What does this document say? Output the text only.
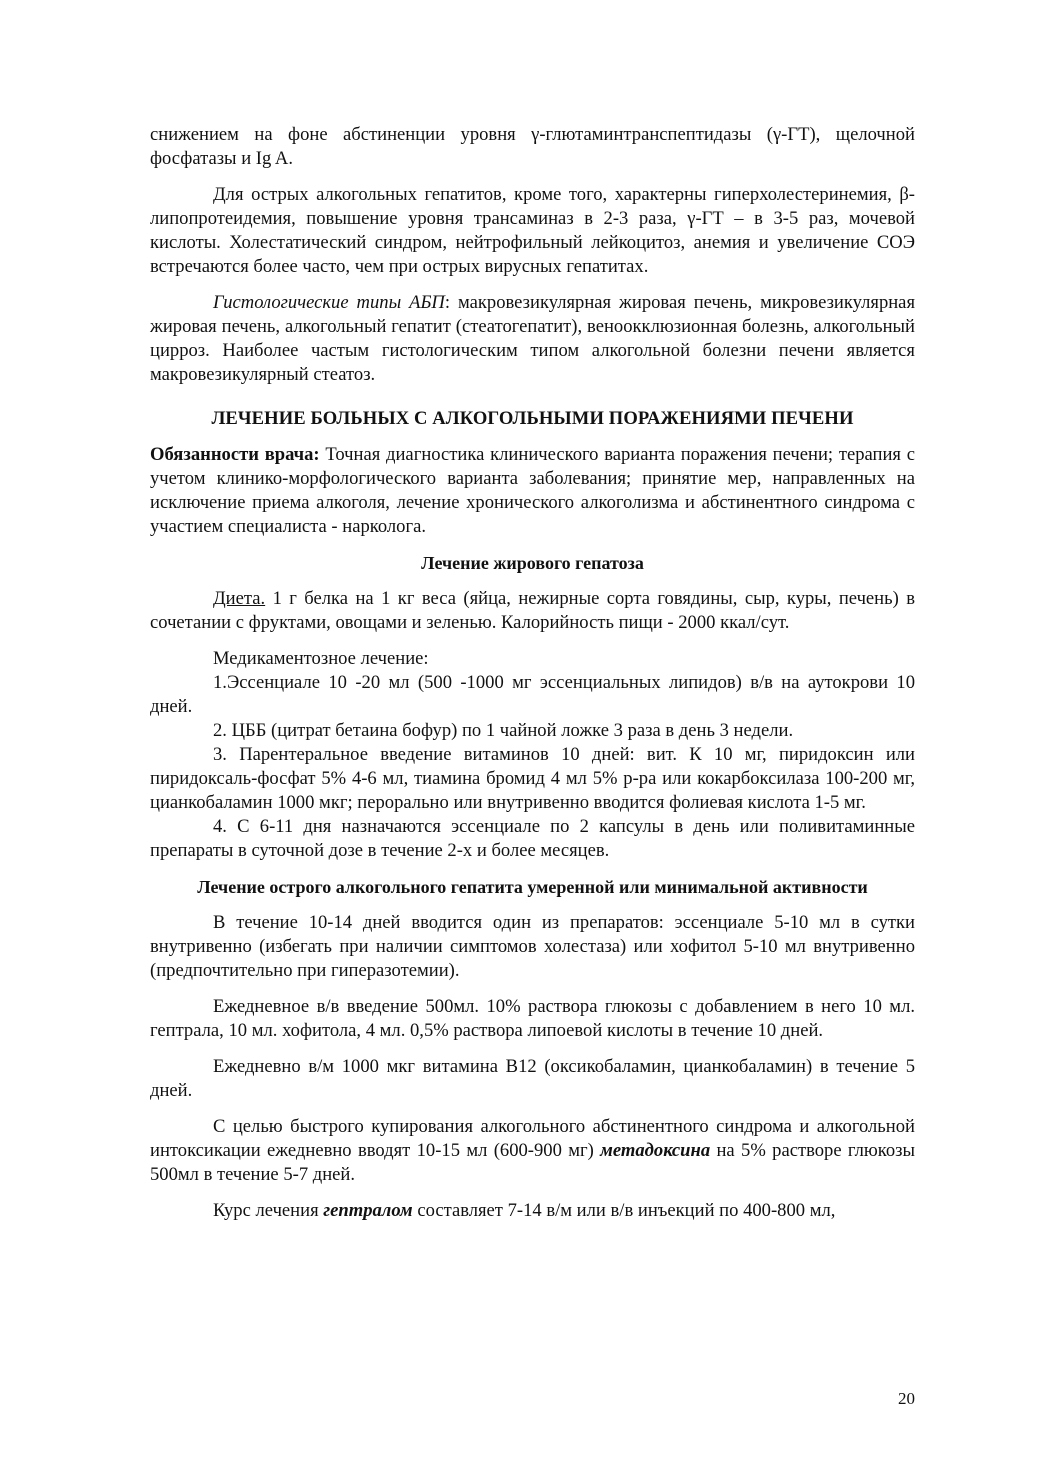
снижением на фоне абстиненции уровня γ-глютаминтранспептидазы (γ-ГТ), щелочной фосфатазы и Ig A.

Для острых алкогольных гепатитов, кроме того, характерны гиперхолестеринемия, β-липопротеидемия, повышение уровня трансаминаз в 2-3 раза, γ-ГТ – в 3-5 раз, мочевой кислоты. Холестатический синдром, нейтрофильный лейкоцитоз, анемия и увеличение СОЭ встречаются более часто, чем при острых вирусных гепатитах.

Гистологические типы АБП: макровезикулярная жировая печень, микровезикулярная жировая печень, алкогольный гепатит (стеатогепатит), веноокклюзионная болезнь, алкогольный цирроз. Наиболее частым гистологическим типом алкогольной болезни печени является макровезикулярный стеатоз.

ЛЕЧЕНИЕ БОЛЬНЫХ С АЛКОГОЛЬНЫМИ ПОРАЖЕНИЯМИ ПЕЧЕНИ

Обязанности врача: Точная диагностика клинического варианта поражения печени; терапия с учетом клинико-морфологического варианта заболевания; принятие мер, направленных на исключение приема алкоголя, лечение хронического алкоголизма и абстинентного синдрома с участием специалиста - нарколога.

Лечение жирового гепатоза

Диета. 1 г белка на 1 кг веса (яйца, нежирные сорта говядины, сыр, куры, печень) в сочетании с фруктами, овощами и зеленью. Калорийность пищи - 2000 ккал/сут.

Медикаментозное лечение:

1.Эссенциале 10 -20 мл (500 -1000 мг эссенциальных липидов) в/в на аутокрови 10 дней.

2. ЦББ (цитрат бетаина бофур) по 1 чайной ложке 3 раза в день 3 недели.

3. Парентеральное введение витаминов 10 дней: вит. К 10 мг, пиридоксин или пиридоксаль-фосфат 5% 4-6 мл, тиамина бромид 4 мл 5% р-ра или кокарбоксилаза 100-200 мг, цианкобаламин 1000 мкг; перорально или внутривенно вводится фолиевая кислота 1-5 мг.

4. С 6-11 дня назначаются эссенциале по 2 капсулы в день или поливитаминные препараты в суточной дозе в течение 2-х и более месяцев.

Лечение острого алкогольного гепатита умеренной или минимальной активности

В течение 10-14 дней вводится один из препаратов: эссенциале 5-10 мл в сутки внутривенно (избегать при наличии симптомов холестаза) или хофитол 5-10 мл внутривенно (предпочтительно при гиперазотемии).

Ежедневное в/в введение 500мл. 10% раствора глюкозы с добавлением в него 10 мл. гептрала, 10 мл. хофитола, 4 мл. 0,5% раствора липоевой кислоты в течение 10 дней.

Ежедневно в/м 1000 мкг витамина В12 (оксикобаламин, цианкобаламин) в течение 5 дней.

С целью быстрого купирования алкогольного абстинентного синдрома и алкогольной интоксикации ежедневно вводят 10-15 мл (600-900 мг) метадоксина на 5% растворе глюкозы 500мл в течение 5-7 дней.

Курс лечения гептралом составляет 7-14 в/м или в/в инъекций по 400-800 мл,

20
